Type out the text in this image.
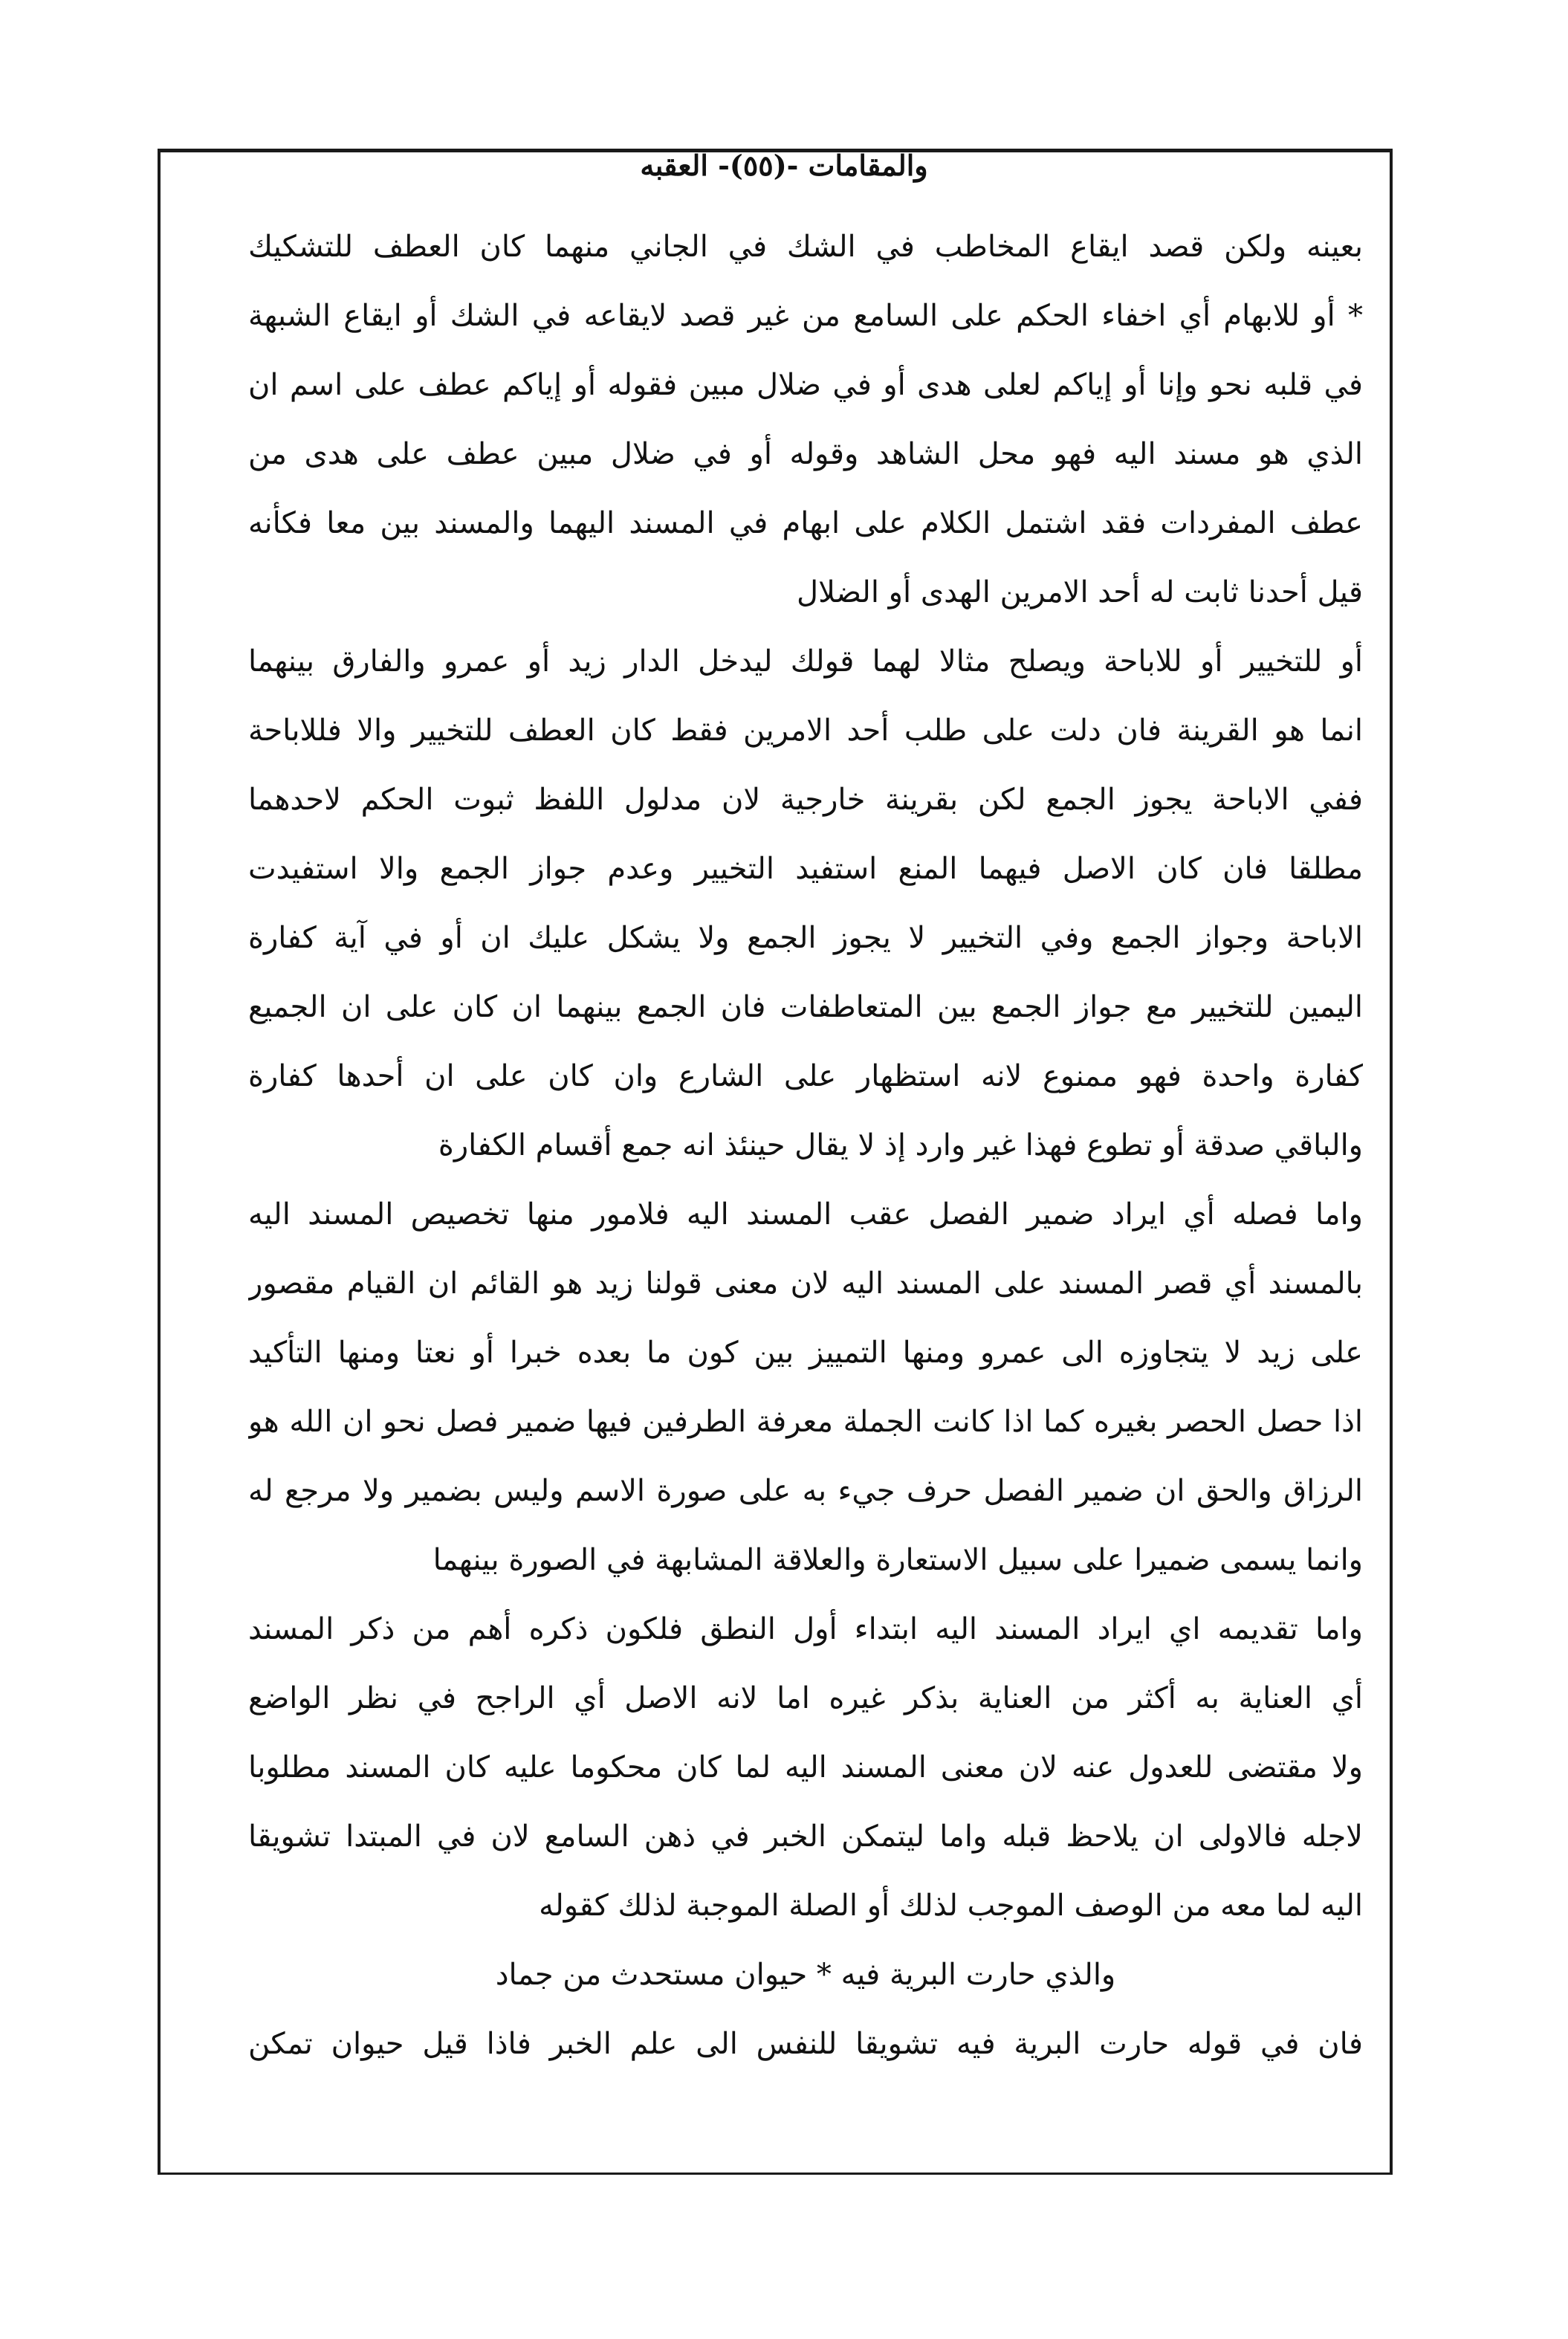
والمقامات -(٥٥)- العقبه
بعينه ولكن قصد ايقاع المخاطب في الشك في الجاني منهما كان العطف للتشكيك
* أو للابهام أي اخفاء الحكم على السامع من غير قصد لايقاعه في الشك أو ايقاع الشبهة
في قلبه نحو وإنا أو إياكم لعلى هدى أو في ضلال مبين فقوله أو إياكم عطف على اسم ان
الذي هو مسند اليه فهو محل الشاهد وقوله أو في ضلال مبين عطف على هدى من
عطف المفردات فقد اشتمل الكلام على ابهام في المسند اليهما والمسند بين معا فكأنه
قيل أحدنا ثابت له أحد الامرين الهدى أو الضلال
أو للتخيير أو للاباحة ويصلح مثالا لهما قولك ليدخل الدار زيد أو عمرو والفارق بينهما
انما هو القرينة فان دلت على طلب أحد الامرين فقط كان العطف للتخيير والا فللاباحة
ففي الاباحة يجوز الجمع لكن بقرينة خارجية لان مدلول اللفظ ثبوت الحكم لاحدهما
مطلقا فان كان الاصل فيهما المنع استفيد التخيير وعدم جواز الجمع والا استفيدت
الاباحة وجواز الجمع وفي التخيير لا يجوز الجمع ولا يشكل عليك ان أو في آية كفارة
اليمين للتخيير مع جواز الجمع بين المتعاطفات فان الجمع بينهما ان كان على ان الجميع
كفارة واحدة فهو ممنوع لانه استظهار على الشارع وان كان على ان أحدها كفارة
والباقي صدقة أو تطوع فهذا غير وارد إذ لا يقال حينئذ انه جمع أقسام الكفارة
واما فصله أي ايراد ضمير الفصل عقب المسند اليه فلامور منها تخصيص المسند اليه
بالمسند أي قصر المسند على المسند اليه لان معنى قولنا زيد هو القائم ان القيام مقصور
على زيد لا يتجاوزه الى عمرو ومنها التمييز بين كون ما بعده خبرا أو نعتا ومنها التأكيد
اذا حصل الحصر بغيره كما اذا كانت الجملة معرفة الطرفين فيها ضمير فصل نحو ان الله هو
الرزاق والحق ان ضمير الفصل حرف جيء به على صورة الاسم وليس بضمير ولا مرجع له
وانما يسمى ضميرا على سبيل الاستعارة والعلاقة المشابهة في الصورة بينهما
واما تقديمه اي ايراد المسند اليه ابتداء أول النطق فلكون ذكره أهم من ذكر المسند
أي العناية به أكثر من العناية بذكر غيره اما لانه الاصل أي الراجح في نظر الواضع
ولا مقتضى للعدول عنه لان معنى المسند اليه لما كان محكوما عليه كان المسند مطلوبا
لاجله فالاولى ان يلاحظ قبله واما ليتمكن الخبر في ذهن السامع لان في المبتدا تشويقا
اليه لما معه من الوصف الموجب لذلك أو الصلة الموجبة لذلك كقوله
والذي حارت البرية فيه * حيوان مستحدث من جماد
فان في قوله حارت البرية فيه تشويقا للنفس الى علم الخبر فاذا قيل حيوان تمكن
